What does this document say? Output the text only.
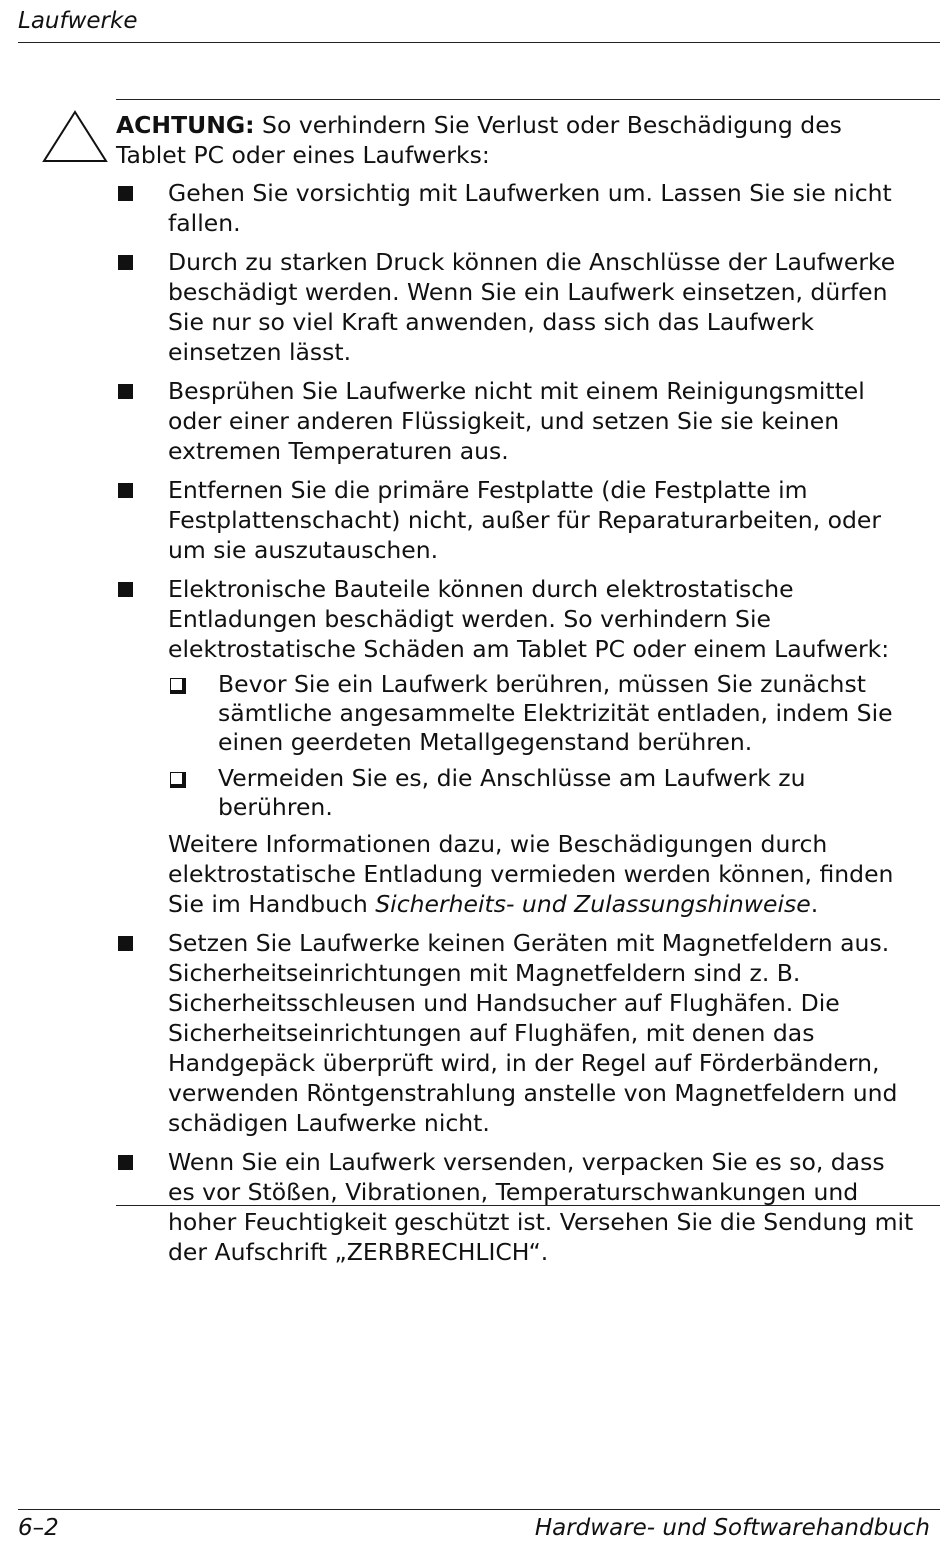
Laufwerke

ACHTUNG: So verhindern Sie Verlust oder Beschädigung des Tablet PC oder eines Laufwerks:

Gehen Sie vorsichtig mit Laufwerken um. Lassen Sie sie nicht fallen.
Durch zu starken Druck können die Anschlüsse der Laufwerke beschädigt werden. Wenn Sie ein Laufwerk einsetzen, dürfen Sie nur so viel Kraft anwenden, dass sich das Laufwerk einsetzen lässt.
Besprühen Sie Laufwerke nicht mit einem Reinigungsmittel oder einer anderen Flüssigkeit, und setzen Sie sie keinen extremen Temperaturen aus.
Entfernen Sie die primäre Festplatte (die Festplatte im Festplattenschacht) nicht, außer für Reparaturarbeiten, oder um sie auszutauschen.
Elektronische Bauteile können durch elektrostatische Entladungen beschädigt werden. So verhindern Sie elektrostatische Schäden am Tablet PC oder einem Laufwerk:
Bevor Sie ein Laufwerk berühren, müssen Sie zunächst sämtliche angesammelte Elektrizität entladen, indem Sie einen geerdeten Metallgegenstand berühren.
Vermeiden Sie es, die Anschlüsse am Laufwerk zu berühren.
Weitere Informationen dazu, wie Beschädigungen durch elektrostatische Entladung vermieden werden können, finden Sie im Handbuch Sicherheits- und Zulassungshinweise.
Setzen Sie Laufwerke keinen Geräten mit Magnetfeldern aus. Sicherheitseinrichtungen mit Magnetfeldern sind z. B. Sicherheitsschleusen und Handsucher auf Flughäfen. Die Sicherheitseinrichtungen auf Flughäfen, mit denen das Handgepäck überprüft wird, in der Regel auf Förderbändern, verwenden Röntgenstrahlung anstelle von Magnetfeldern und schädigen Laufwerke nicht.
Wenn Sie ein Laufwerk versenden, verpacken Sie es so, dass es vor Stößen, Vibrationen, Temperaturschwankungen und hoher Feuchtigkeit geschützt ist. Versehen Sie die Sendung mit der Aufschrift „ZERBRECHLICH“.
6–2	Hardware- und Softwarehandbuch
